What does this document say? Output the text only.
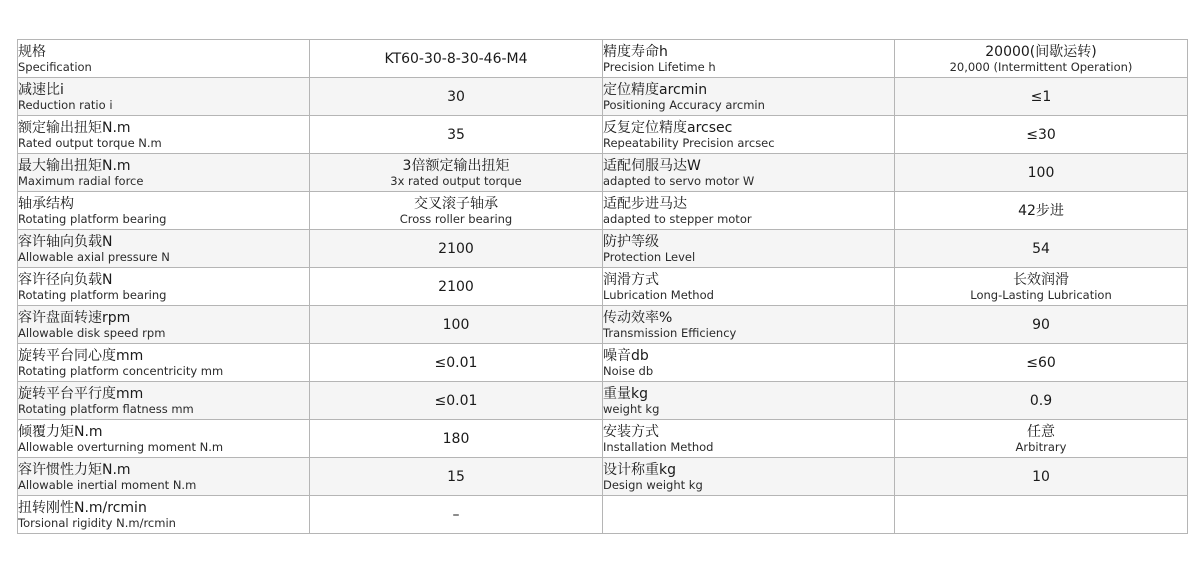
规格
Specification	KT60-30-8-30-46-M4	精度寿命h
Precision Lifetime h	20000(间歇运转)
20,000 (Intermittent Operation)

减速比i
Reduction ratio i	30	定位精度arcmin
Positioning Accuracy arcmin	≤1

额定输出扭矩N.m
Rated output torque N.m	35	反复定位精度arcsec
Repeatability Precision arcsec	≤30

最大输出扭矩N.m
Maximum radial force	3倍额定输出扭矩
3x rated output torque	适配伺服马达W
adapted to servo motor W	100

轴承结构
Rotating platform bearing	交叉滚子轴承
Cross roller bearing	适配步进马达
adapted to stepper motor	42步进

容许轴向负载N
Allowable axial pressure N	2100	防护等级
Protection Level	54

容许径向负载N
Rotating platform bearing	2100	润滑方式
Lubrication Method	长效润滑
Long-Lasting Lubrication

容许盘面转速rpm
Allowable disk speed rpm	100	传动效率%
Transmission Efficiency	90

旋转平台同心度mm
Rotating platform concentricity mm	≤0.01	噪音db
Noise db	≤60

旋转平台平行度mm
Rotating platform flatness mm	≤0.01	重量kg
weight kg	0.9

倾覆力矩N.m
Allowable overturning moment N.m	180	安装方式
Installation Method	任意
Arbitrary

容许惯性力矩N.m
Allowable inertial moment N.m	15	设计称重kg
Design weight kg	10

扭转刚性N.m/rcmin
Torsional rigidity N.m/rcmin	–		
